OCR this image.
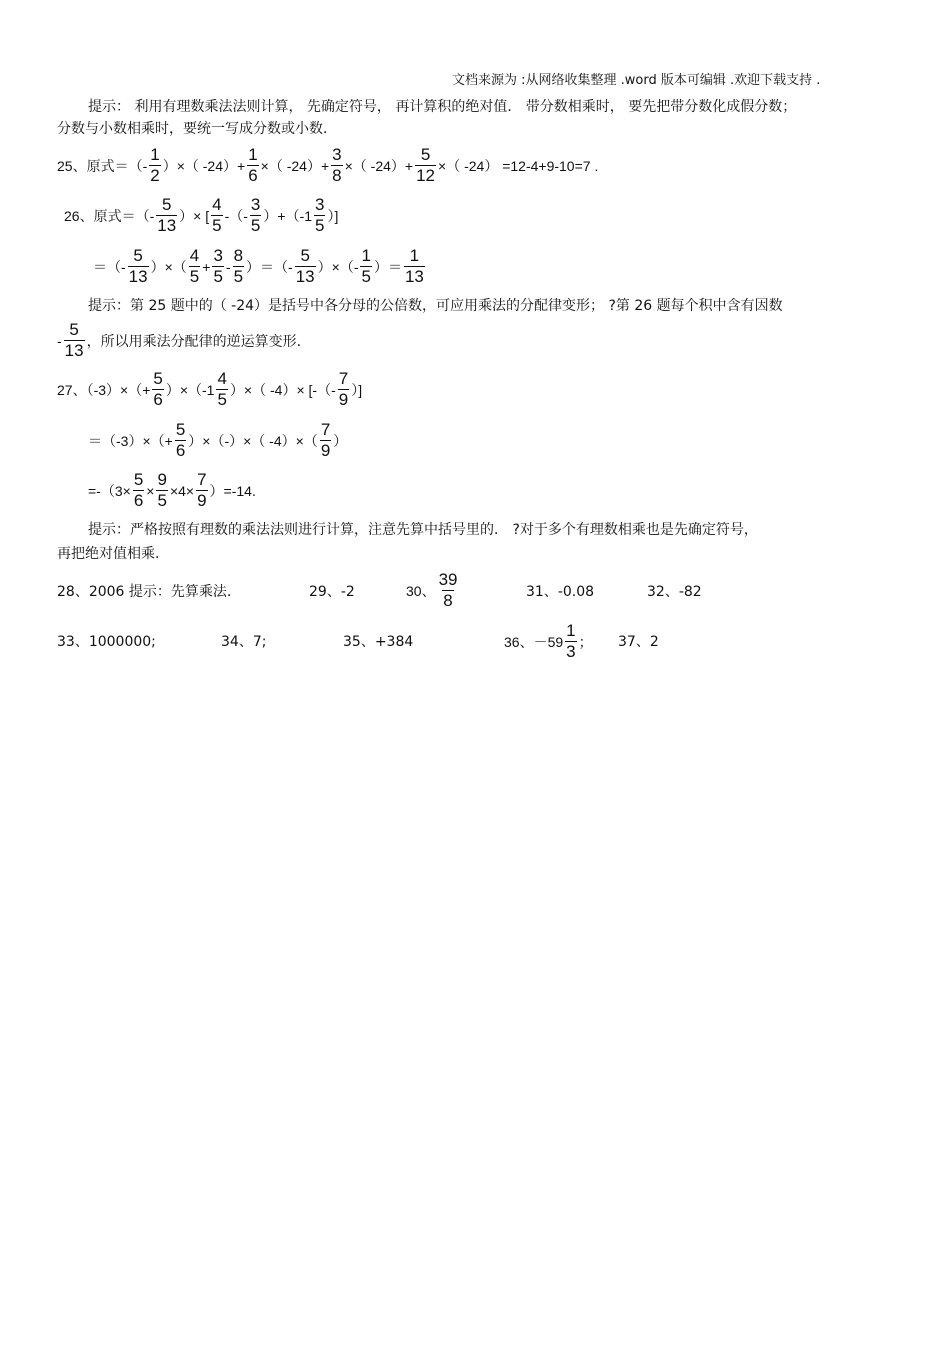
文档来源为 :从网络收集整理 .word 版本可编辑 .欢迎下载支持 .
提示： 利用有理数乘法法则计算， 先确定符号， 再计算积的绝对值． 带分数相乘时， 要先把带分数化成假分数；
分数与小数相乘时，要统一写成分数或小数．
25、原式＝（-
1
2
）×（ $-24)+ \frac{1}{6}$ ×（ $-24)+ \frac{3}{8}$ ×（ $-24)+ \frac{5}{12}$ ×（ -24） =12-4+9-10=7 .
26、原式＝（-
5
13
）× [
4
5
-（-
3
5
）+（-1
3
5
）]
＝（-
5
13
）×（
4
5
+ $\frac{3}{5}$ -
8
5
）＝（-
5
13
）×（-
1
5
）＝
1
13
提示：第 25 题中的（ -24）是括号中各分母的公倍数，可应用乘法的分配律变形； ?第 26 题每个积中含有因数
-
5
13 ，所以用乘法分配律的逆运算变形.
27、$(-3)\times(+ \frac{5}{6} )\times(-1$
4
5
）×（ -4）× [-（-
7
9
）]
$=(-3)\times(+ \frac{5}{6}$ ）×（-）×（ -4）×（
7
9
）
$=-(3\times \frac{5}{6} \times \frac{9}{5} \times 4\times \frac{7}{9} )=-14$.
提示：严格按照有理数的乘法法则进行计算，注意先算中括号里的． ?对于多个有理数相乘也是先确定符号，
再把绝对值相乘.
28、2006 提示：先算乘法.	29、-2	30、
39
8	31、-0.08	32、-82
33、1000000;	34、7;	35、+384	36、－59
1
3
； 37、2
